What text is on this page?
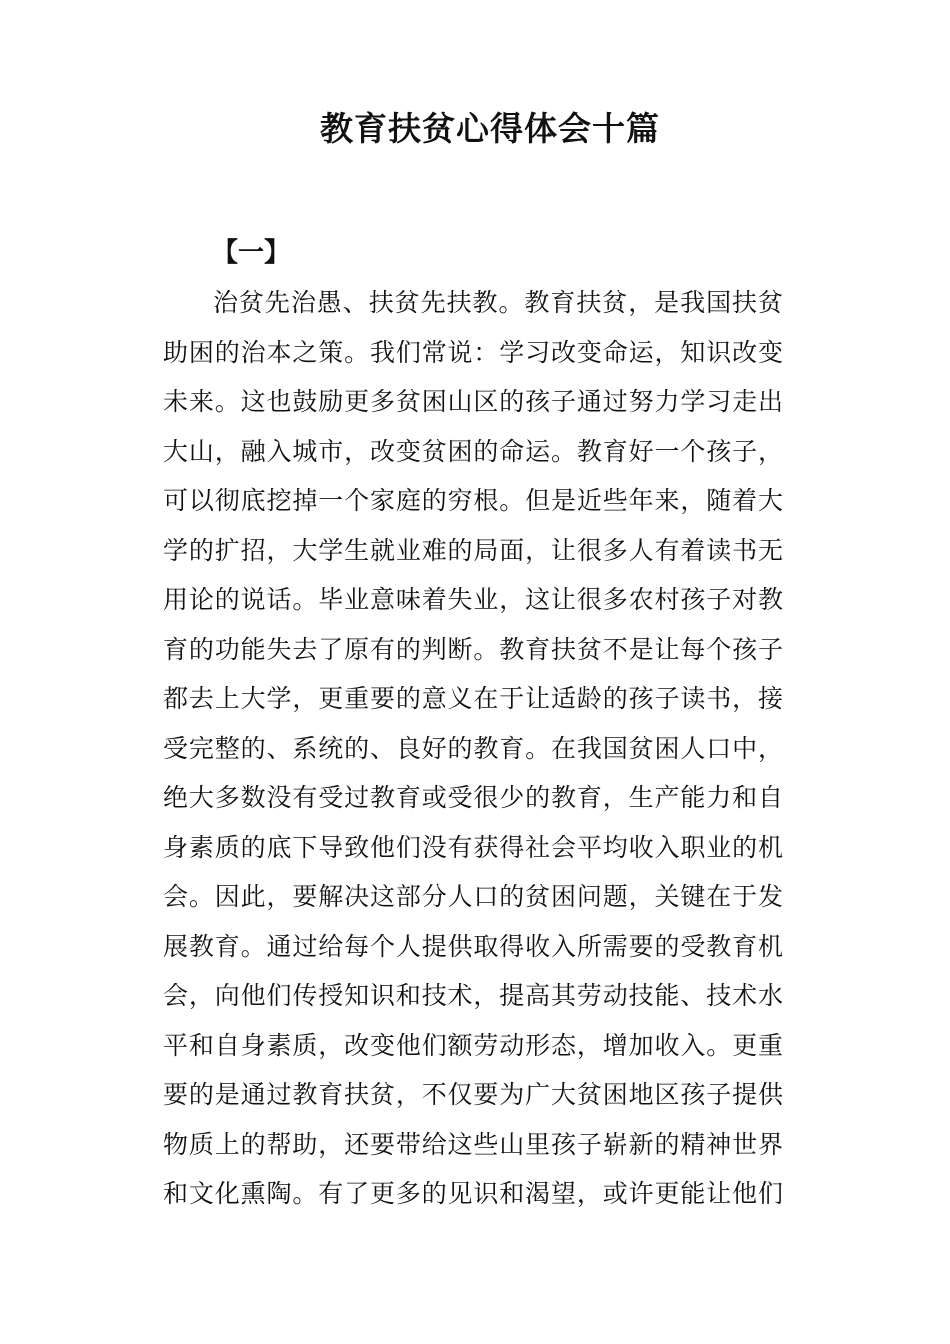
教育扶贫心得体会十篇
【一】
治贫先治愚、扶贫先扶教。教育扶贫，是我国扶贫
助困的治本之策。我们常说：学习改变命运，知识改变
未来。这也鼓励更多贫困山区的孩子通过努力学习走出
大山，融入城市，改变贫困的命运。教育好一个孩子，
可以彻底挖掉一个家庭的穷根。但是近些年来，随着大
学的扩招，大学生就业难的局面，让很多人有着读书无
用论的说话。毕业意味着失业，这让很多农村孩子对教
育的功能失去了原有的判断。教育扶贫不是让每个孩子
都去上大学，更重要的意义在于让适龄的孩子读书，接
受完整的、系统的、良好的教育。在我国贫困人口中，
绝大多数没有受过教育或受很少的教育，生产能力和自
身素质的底下导致他们没有获得社会平均收入职业的机
会。因此，要解决这部分人口的贫困问题，关键在于发
展教育。通过给每个人提供取得收入所需要的受教育机
会，向他们传授知识和技术，提高其劳动技能、技术水
平和自身素质，改变他们额劳动形态，增加收入。更重
要的是通过教育扶贫，不仅要为广大贫困地区孩子提供
物质上的帮助，还要带给这些山里孩子崭新的精神世界
和文化熏陶。有了更多的见识和渴望，或许更能让他们
